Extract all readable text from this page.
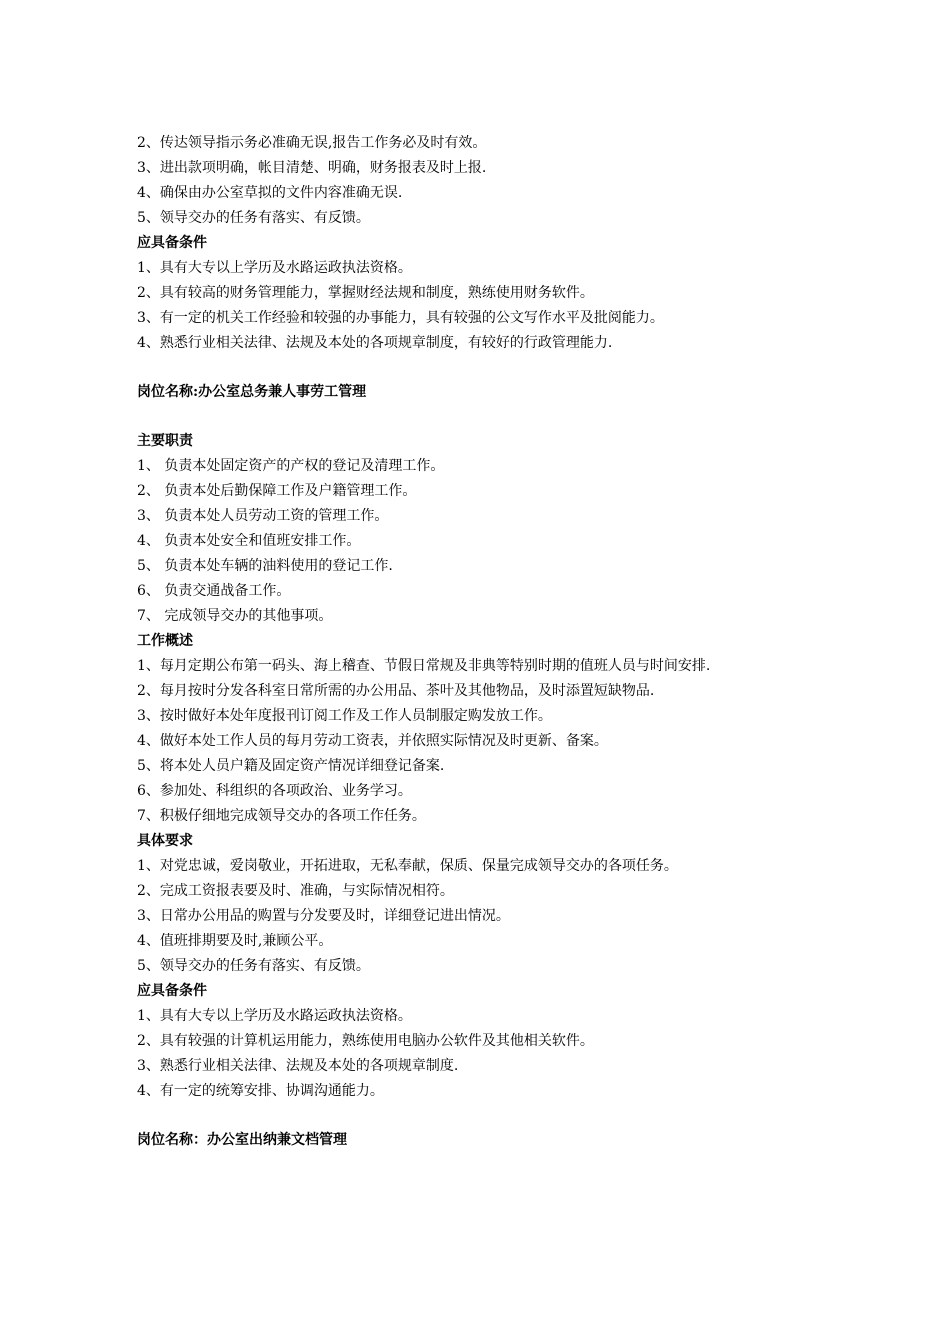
2、传达领导指示务必准确无误,报告工作务必及时有效。
3、进出款项明确，帐目清楚、明确，财务报表及时上报.
4、确保由办公室草拟的文件内容准确无误.
5、领导交办的任务有落实、有反馈。
应具备条件
1、具有大专以上学历及水路运政执法资格。
2、具有较高的财务管理能力，掌握财经法规和制度，熟练使用财务软件。
3、有一定的机关工作经验和较强的办事能力，具有较强的公文写作水平及批阅能力。
4、熟悉行业相关法律、法规及本处的各项规章制度，有较好的行政管理能力.
岗位名称:办公室总务兼人事劳工管理
主要职责
1、 负责本处固定资产的产权的登记及清理工作。
2、 负责本处后勤保障工作及户籍管理工作。
3、 负责本处人员劳动工资的管理工作。
4、 负责本处安全和值班安排工作。
5、 负责本处车辆的油料使用的登记工作.
6、 负责交通战备工作。
7、 完成领导交办的其他事项。
工作概述
1、每月定期公布第一码头、海上稽查、节假日常规及非典等特别时期的值班人员与时间安排.
2、每月按时分发各科室日常所需的办公用品、茶叶及其他物品，及时添置短缺物品.
3、按时做好本处年度报刊订阅工作及工作人员制服定购发放工作。
4、做好本处工作人员的每月劳动工资表，并依照实际情况及时更新、备案。
5、将本处人员户籍及固定资产情况详细登记备案.
6、参加处、科组织的各项政治、业务学习。
7、积极仔细地完成领导交办的各项工作任务。
具体要求
1、对党忠诚，爱岗敬业，开拓进取，无私奉献，保质、保量完成领导交办的各项任务。
2、完成工资报表要及时、准确，与实际情况相符。
3、日常办公用品的购置与分发要及时，详细登记进出情况。
4、值班排期要及时,兼顾公平。
5、领导交办的任务有落实、有反馈。
应具备条件
1、具有大专以上学历及水路运政执法资格。
2、具有较强的计算机运用能力，熟练使用电脑办公软件及其他相关软件。
3、熟悉行业相关法律、法规及本处的各项规章制度.
4、有一定的统筹安排、协调沟通能力。
岗位名称：办公室出纳兼文档管理
